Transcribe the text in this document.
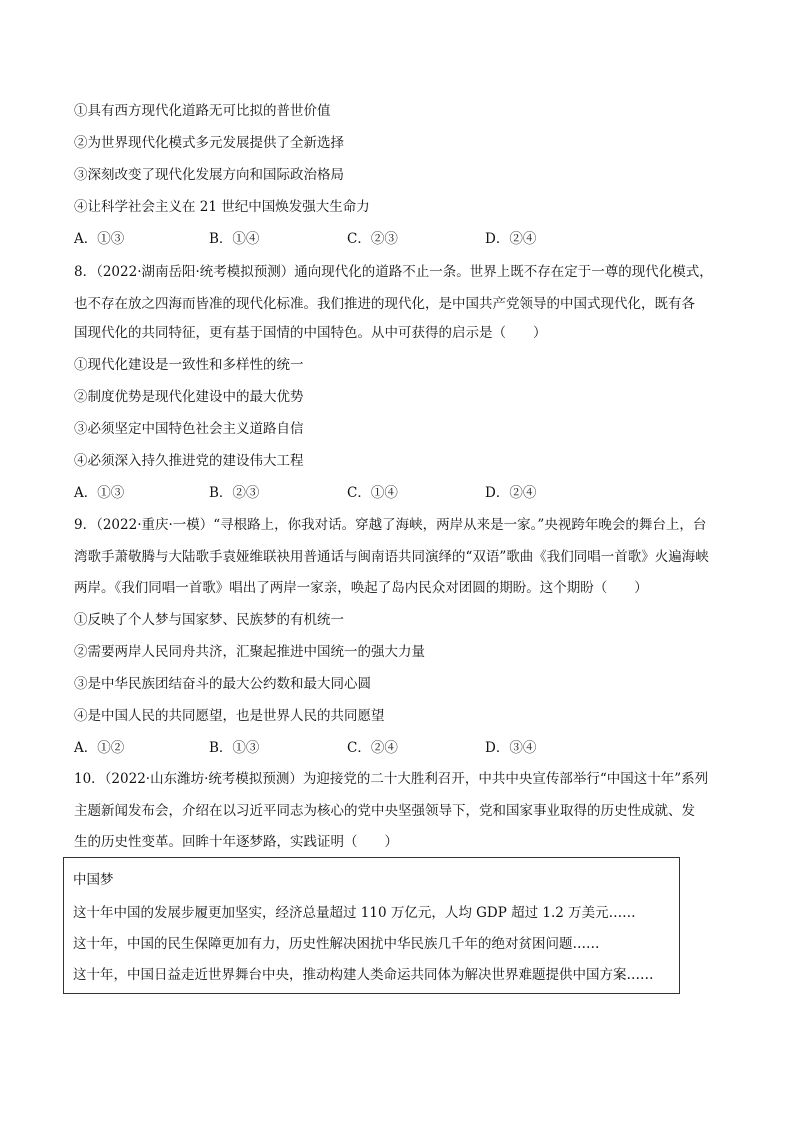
①具有西方现代化道路无可比拟的普世价值
②为世界现代化模式多元发展提供了全新选择
③深刻改变了现代化发展方向和国际政治格局
④让科学社会主义在 21 世纪中国焕发强大生命力
A．①③	B．①④	C．②③	D．②④
8．（2022·湖南岳阳·统考模拟预测）通向现代化的道路不止一条。世界上既不存在定于一尊的现代化模式，
也不存在放之四海而皆准的现代化标准。我们推进的现代化，是中国共产党领导的中国式现代化，既有各
国现代化的共同特征，更有基于国情的中国特色。从中可获得的启示是（　　）
①现代化建设是一致性和多样性的统一
②制度优势是现代化建设中的最大优势
③必须坚定中国特色社会主义道路自信
④必须深入持久推进党的建设伟大工程
A．①③	B．②③	C．①④	D．②④
9．（2022·重庆·一模）“寻根路上，你我对话。穿越了海峡，两岸从来是一家。”央视跨年晚会的舞台上，台
湾歌手萧敬腾与大陆歌手袁娅维联袂用普通话与闽南语共同演绎的“双语”歌曲《我们同唱一首歌》火遍海峡
两岸。《我们同唱一首歌》唱出了两岸一家亲，唤起了岛内民众对团圆的期盼。这个期盼（　　）
①反映了个人梦与国家梦、民族梦的有机统一
②需要两岸人民同舟共济，汇聚起推进中国统一的强大力量
③是中华民族团结奋斗的最大公约数和最大同心圆
④是中国人民的共同愿望，也是世界人民的共同愿望
A．①②	B．①③	C．②④	D．③④
10．（2022·山东潍坊·统考模拟预测）为迎接党的二十大胜利召开，中共中央宣传部举行“中国这十年”系列
主题新闻发布会，介绍在以习近平同志为核心的党中央坚强领导下，党和国家事业取得的历史性成就、发
生的历史性变革。回眸十年逐梦路，实践证明（　　）
中国梦
这十年中国的发展步履更加坚实，经济总量超过 110 万亿元，人均 GDP 超过 1.2 万美元……
这十年，中国的民生保障更加有力，历史性解决困扰中华民族几千年的绝对贫困问题……
这十年，中国日益走近世界舞台中央，推动构建人类命运共同体为解决世界难题提供中国方案……
